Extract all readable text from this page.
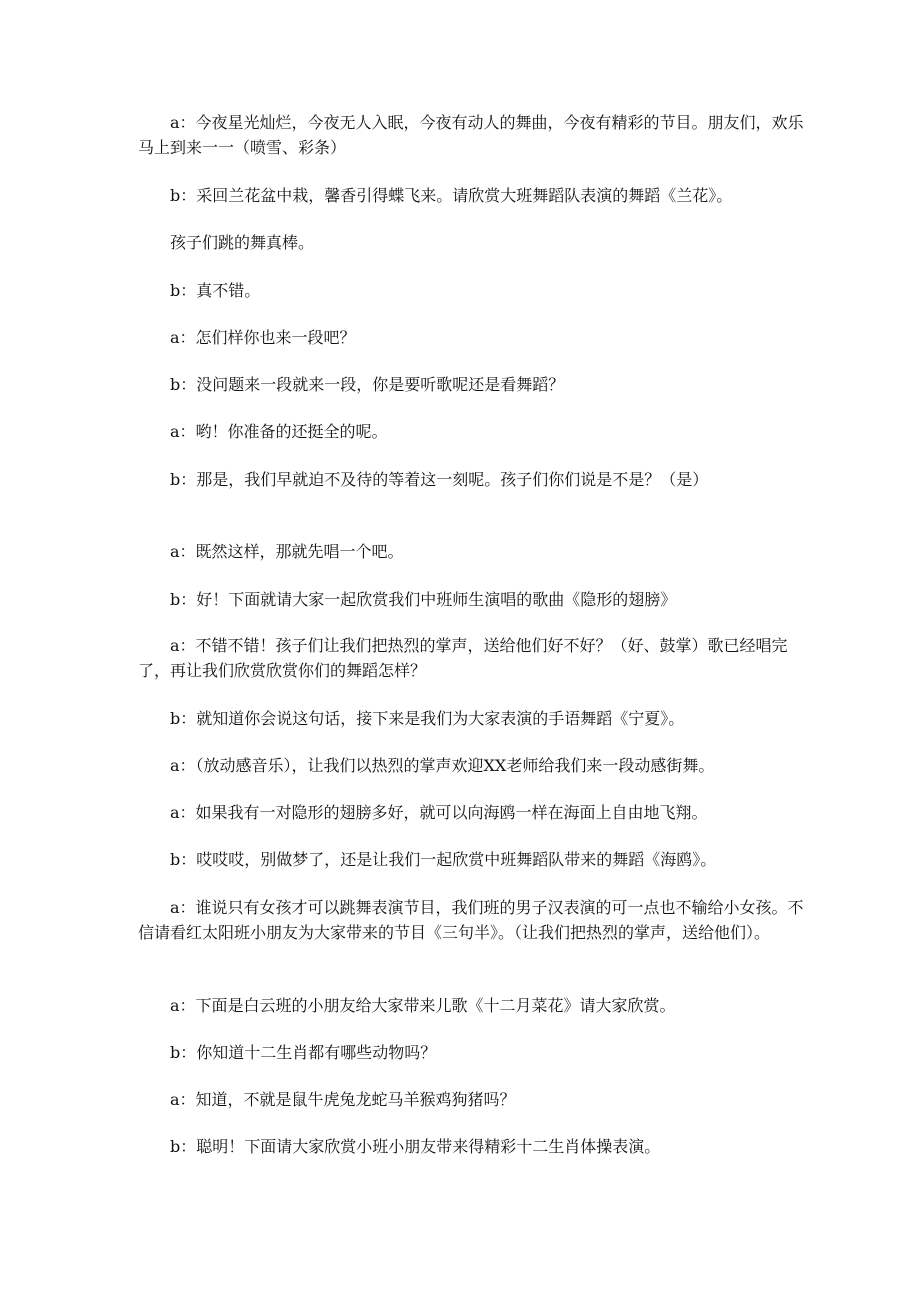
a：今夜星光灿烂，今夜无人入眠，今夜有动人的舞曲，今夜有精彩的节目。朋友们，欢乐马上到来一一（喷雪、彩条）

b：采回兰花盆中栽，馨香引得蝶飞来。请欣赏大班舞蹈队表演的舞蹈《兰花》。

孩子们跳的舞真棒。

b：真不错。

a：怎们样你也来一段吧？

b：没问题来一段就来一段，你是要听歌呢还是看舞蹈？

a：哟！你准备的还挺全的呢。

b：那是，我们早就迫不及待的等着这一刻呢。孩子们你们说是不是？（是）

a：既然这样，那就先唱一个吧。

b：好！下面就请大家一起欣赏我们中班师生演唱的歌曲《隐形的翅膀》

a：不错不错！孩子们让我们把热烈的掌声，送给他们好不好？（好、鼓掌）歌已经唱完了，再让我们欣赏欣赏你们的舞蹈怎样？

b：就知道你会说这句话，接下来是我们为大家表演的手语舞蹈《宁夏》。

a：（放动感音乐），让我们以热烈的掌声欢迎XX老师给我们来一段动感街舞。

a：如果我有一对隐形的翅膀多好，就可以向海鸥一样在海面上自由地飞翔。

b：哎哎哎，别做梦了，还是让我们一起欣赏中班舞蹈队带来的舞蹈《海鸥》。

a：谁说只有女孩才可以跳舞表演节目，我们班的男子汉表演的可一点也不输给小女孩。不信请看红太阳班小朋友为大家带来的节目《三句半》。（让我们把热烈的掌声，送给他们）。

a：下面是白云班的小朋友给大家带来儿歌《十二月菜花》请大家欣赏。

b：你知道十二生肖都有哪些动物吗？

a：知道，不就是鼠牛虎兔龙蛇马羊猴鸡狗猪吗？

b：聪明！下面请大家欣赏小班小朋友带来得精彩十二生肖体操表演。
